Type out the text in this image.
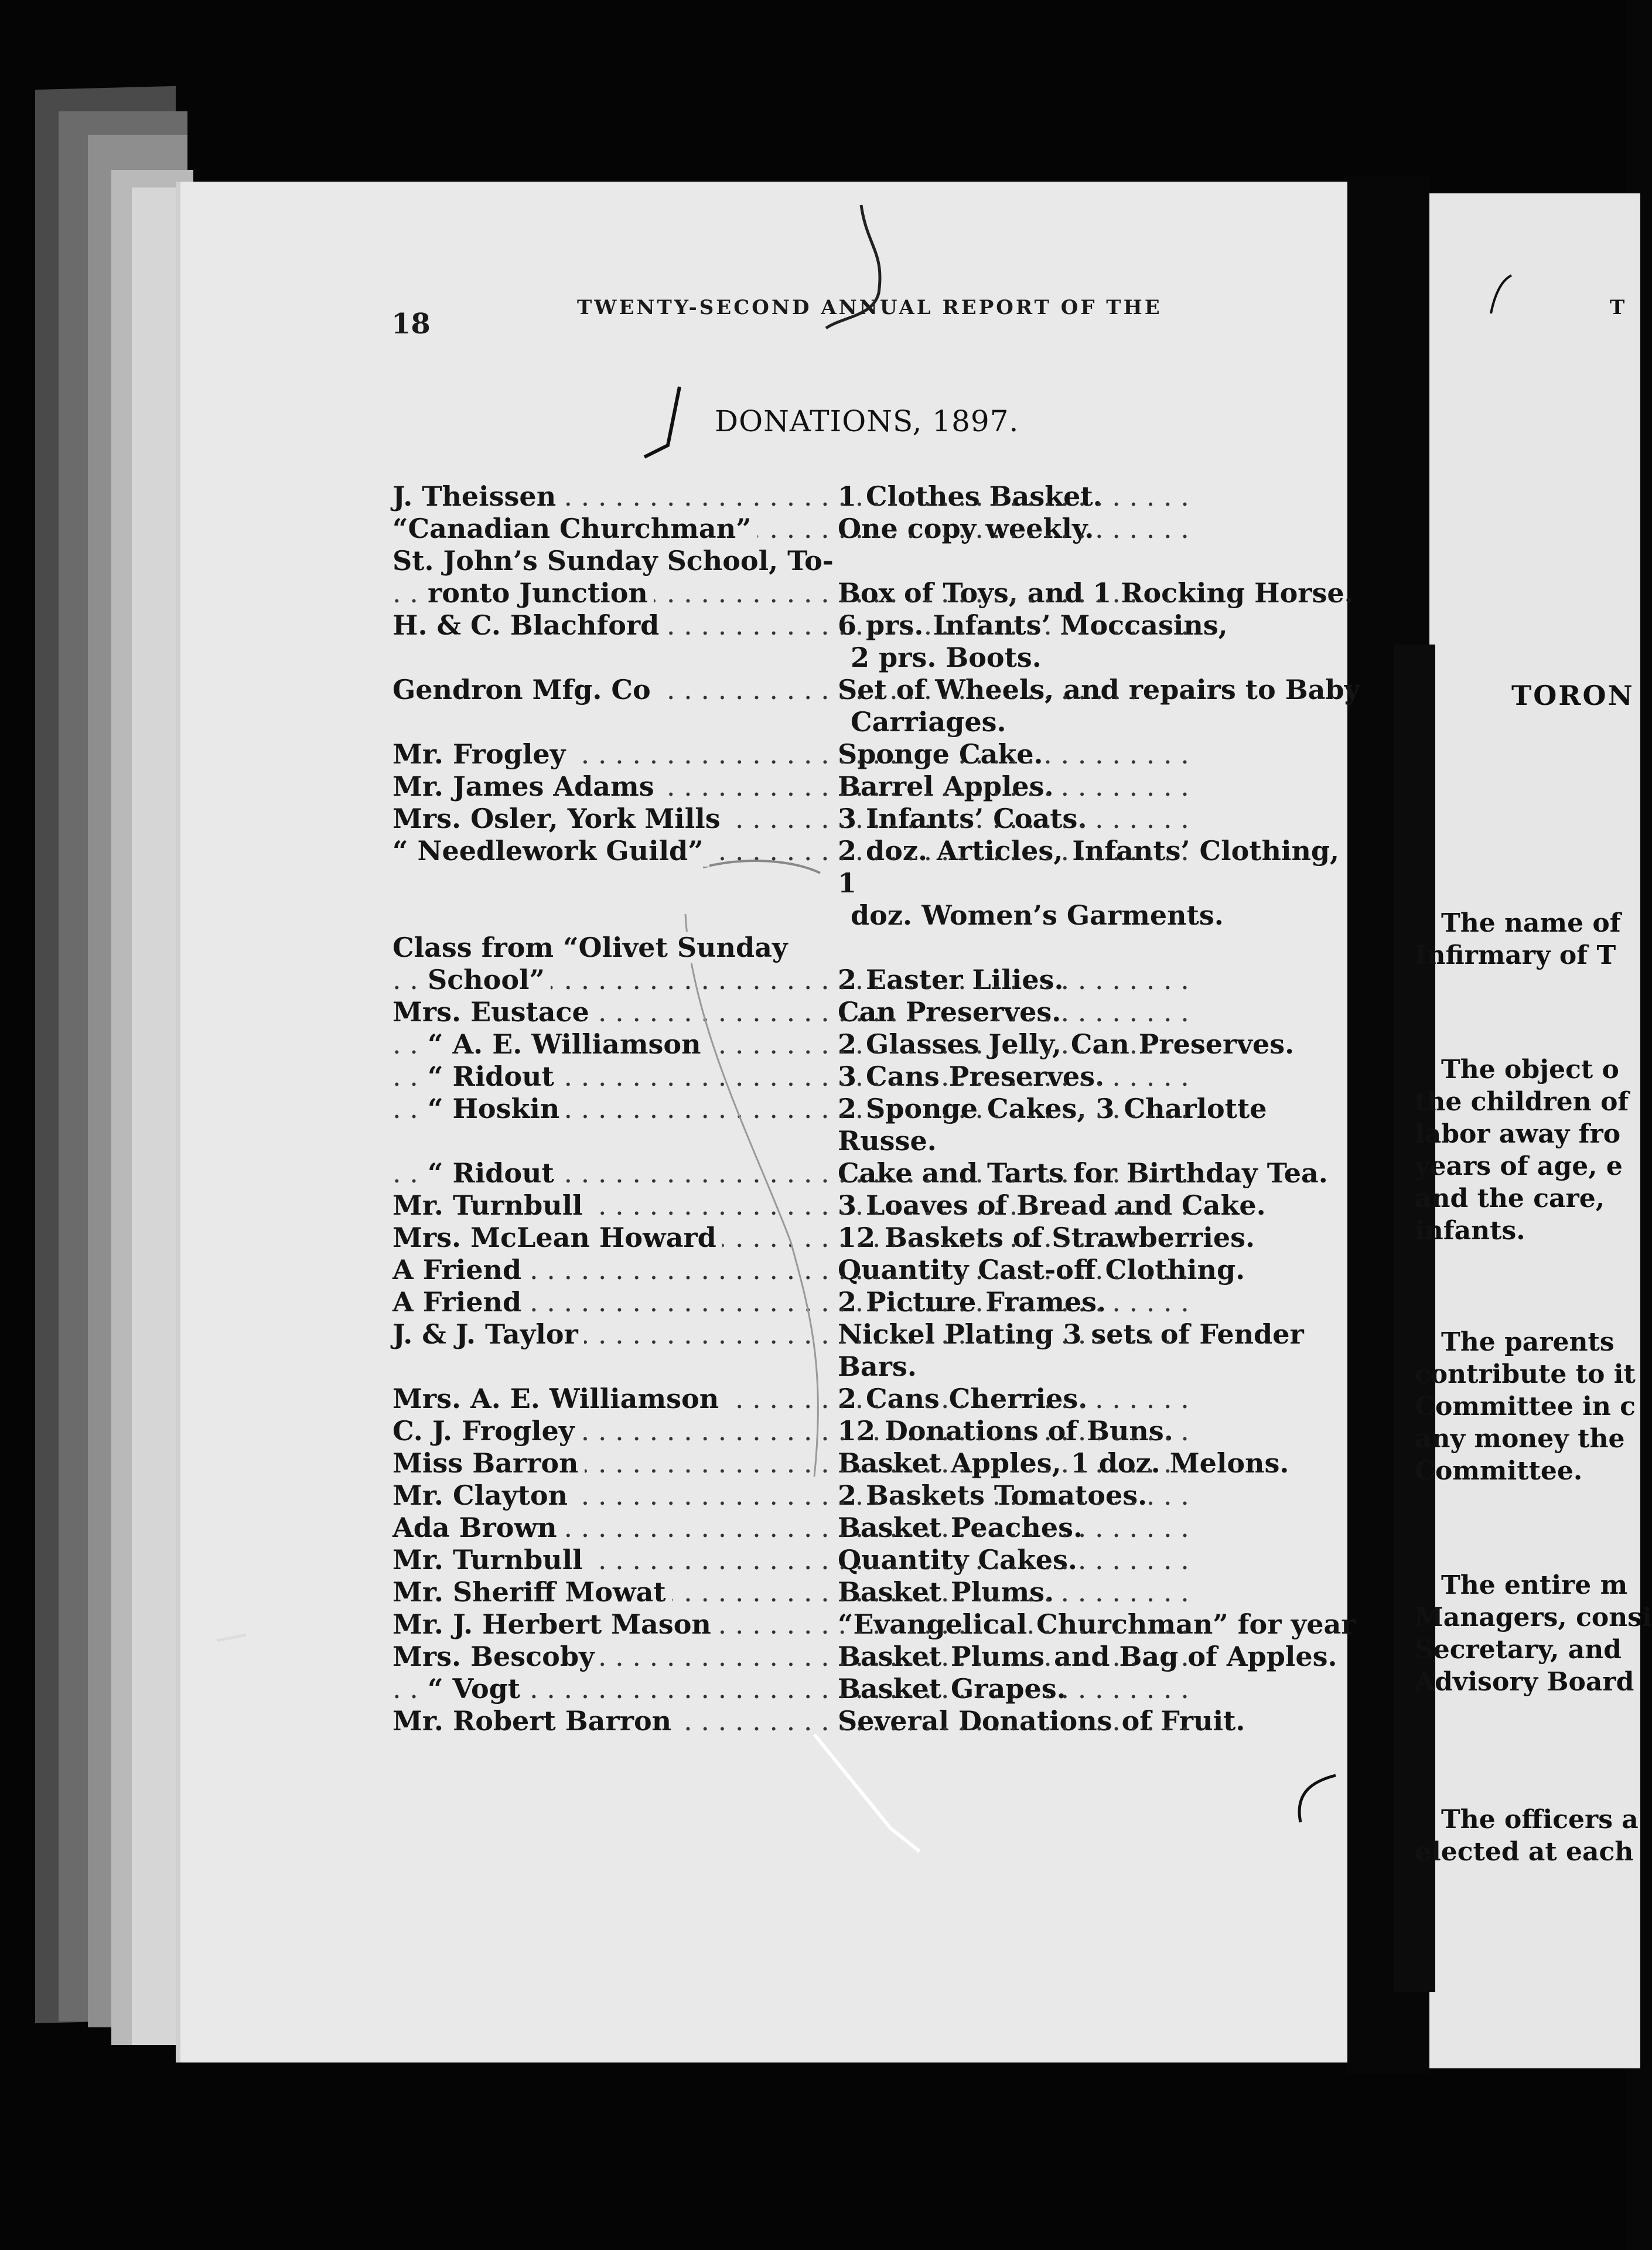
18	TWENTY-SECOND ANNUAL REPORT OF THE
DONATIONS, 1897.
J. Theissen . . .	1 Clothes Basket.
“Canadian Churchman” . . .	One copy weekly.
St. John’s Sunday School, To-

ronto Junction . . .	Box of Toys, and 1 Rocking Horse.
H. & C. Blachford . . .	6 prs. Infants’ Moccasins,
2 prs. Boots.
Gendron Mfg. Co . . .	Set of Wheels, and repairs to Baby
Carriages.
Mr. Frogley . . .	Sponge Cake.
Mr. James Adams . . .	Barrel Apples.
Mrs. Osler, York Mills . . .	3 Infants’ Coats.
“ Needlework Guild” . . .	2 doz. Articles, Infants’ Clothing, 1
doz. Women’s Garments.
Class from “Olivet Sunday

School” . . .	2 Easter Lilies.
Mrs. Eustace . . .	Can Preserves.
“ A. E. Williamson . . .	2 Glasses Jelly, Can Preserves.
“ Ridout . . .	3 Cans Preserves.
“ Hoskin . . .	2 Sponge Cakes, 3 Charlotte Russe.
“ Ridout . . .	Cake and Tarts for Birthday Tea.
Mr. Turnbull . . .	3 Loaves of Bread and Cake.
Mrs. McLean Howard . . .	12 Baskets of Strawberries.
A Friend . . .	Quantity Cast-off Clothing.
A Friend . . .	2 Picture Frames.
J. & J. Taylor . . .	Nickel Plating 3 sets of Fender Bars.
Mrs. A. E. Williamson . . .	2 Cans Cherries.
C. J. Frogley . . .	12 Donations of Buns.
Miss Barron . . .	Basket Apples, 1 doz. Melons.
Mr. Clayton . . .	2 Baskets Tomatoes.
Ada Brown . . .	Basket Peaches.
Mr. Turnbull . . .	Quantity Cakes.
Mr. Sheriff Mowat . . .	Basket Plums.
Mr. J. Herbert Mason . . .	“Evangelical Churchman” for year
Mrs. Bescoby . . .	Basket Plums and Bag of Apples.
“ Vogt . . .	Basket Grapes.
Mr. Robert Barron . . .	Several Donations of Fruit.
T
TORON
The name of
Infirmary of T
The object o
the children of
labor away fro
years of age, e
and the care,
infants.
The parents
contribute to it
Committee in c
any money the
Committee.
The entire m
Managers, consi
Secretary, and
Advisory Board
The officers a
elected at each
